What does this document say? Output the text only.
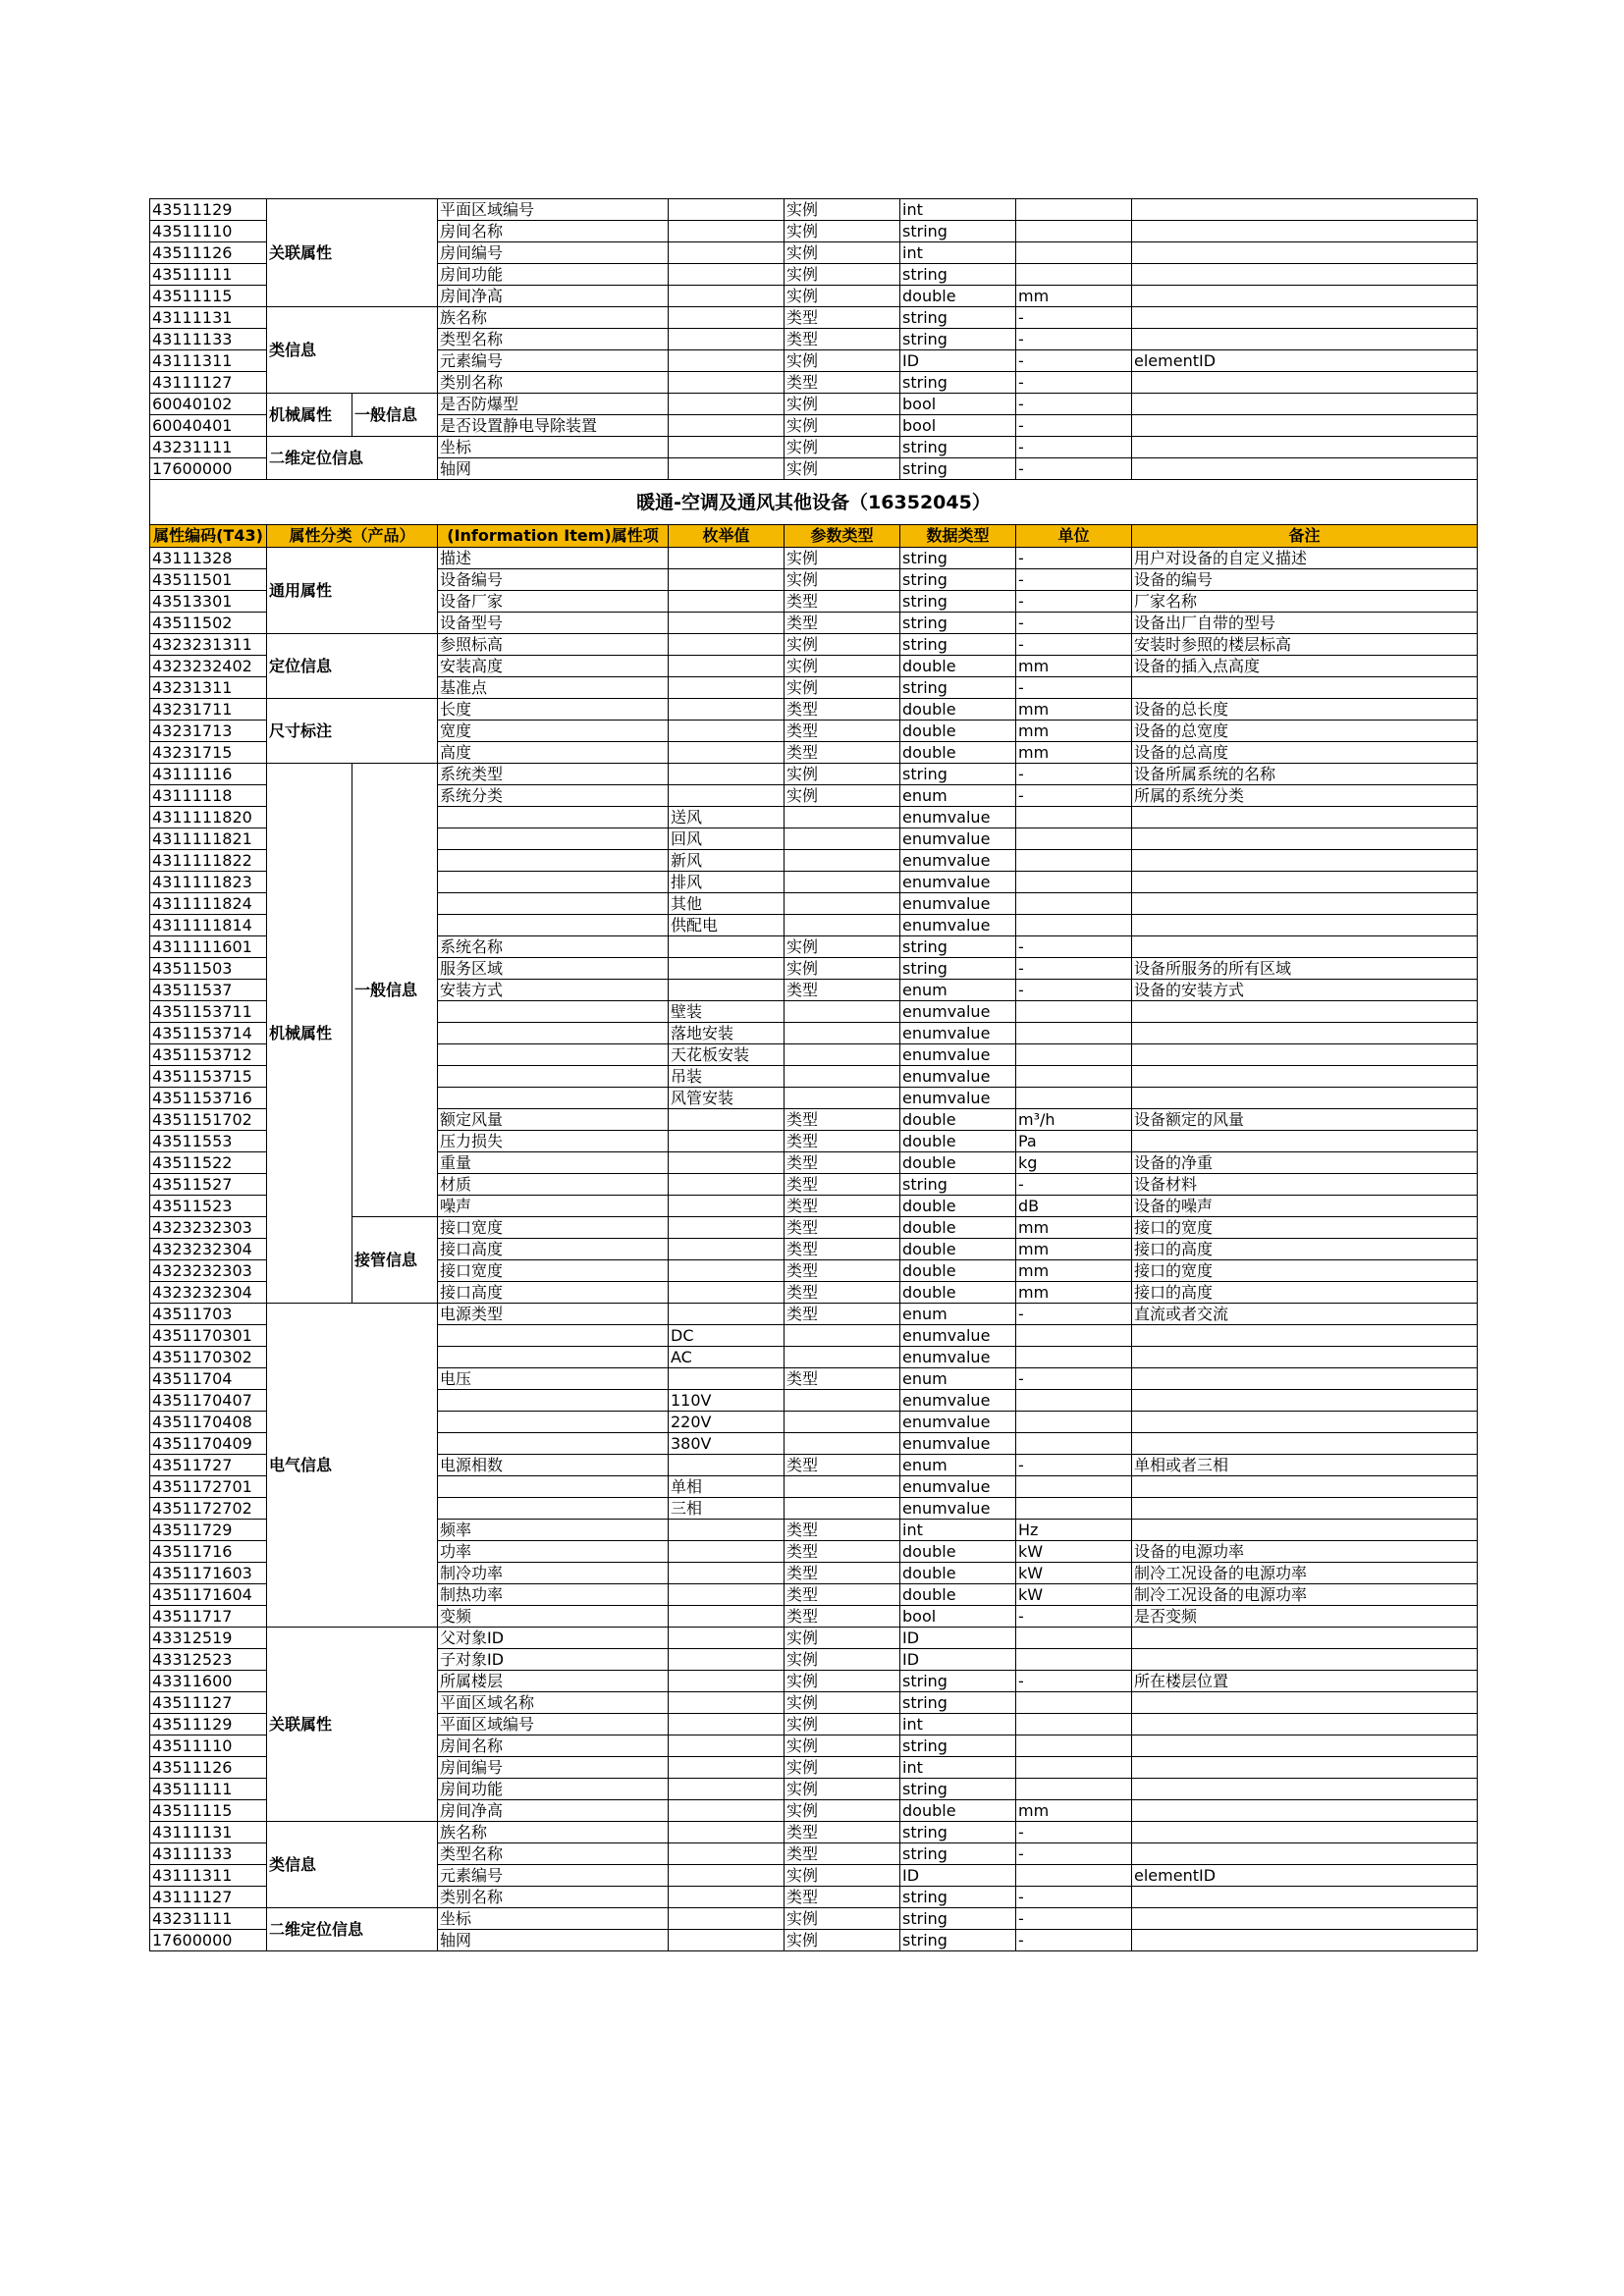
43511129	关联属性		平面区域编号		实例	int		
43511110			房间名称		实例	string		
43511126			房间编号		实例	int		
43511111			房间功能		实例	string		
43511115			房间净高		实例	double	mm	
43111131	类信息		族名称		类型	string	-	
43111133			类型名称		类型	string	-	
43111311			元素编号		实例	ID	-	elementID
43111127			类别名称		类型	string	-	
60040102	机械属性	一般信息	是否防爆型		实例	bool	-	
60040401			是否设置静电导除装置		实例	bool	-	
43231111	二维定位信息		坐标		实例	string	-	
17600000			轴网		实例	string	-	
暖通-空调及通风其他设备（16352045）								
属性编码(T43)	属性分类（产品）		(Information Item)属性项	枚举值	参数类型	数据类型	单位	备注
43111328	通用属性		描述		实例	string	-	用户对设备的自定义描述
43511501			设备编号		实例	string	-	设备的编号
43513301			设备厂家		类型	string	-	厂家名称
43511502			设备型号		类型	string	-	设备出厂自带的型号
4323231311	定位信息		参照标高		实例	string	-	安装时参照的楼层标高
4323232402			安装高度		实例	double	mm	设备的插入点高度
43231311			基准点		实例	string	-	
43231711	尺寸标注		长度		类型	double	mm	设备的总长度
43231713			宽度		类型	double	mm	设备的总宽度
43231715			高度		类型	double	mm	设备的总高度
43111116	机械属性	一般信息	系统类型		实例	string	-	设备所属系统的名称
43111118			系统分类		实例	enum	-	所属的系统分类
4311111820				送风		enumvalue		
4311111821				回风		enumvalue		
4311111822				新风		enumvalue		
4311111823				排风		enumvalue		
4311111824				其他		enumvalue		
4311111814				供配电		enumvalue		
4311111601			系统名称		实例	string	-	
43511503			服务区域		实例	string	-	设备所服务的所有区域
43511537			安装方式		类型	enum	-	设备的安装方式
4351153711				壁装		enumvalue		
4351153714				落地安装		enumvalue		
4351153712				天花板安装		enumvalue		
4351153715				吊装		enumvalue		
4351153716				风管安装		enumvalue		
4351151702			额定风量		类型	double	m³/h	设备额定的风量
43511553			压力损失		类型	double	Pa	
43511522			重量		类型	double	kg	设备的净重
43511527			材质		类型	string	-	设备材料
43511523			噪声		类型	double	dB	设备的噪声
4323232303		接管信息	接口宽度		类型	double	mm	接口的宽度
4323232304			接口高度		类型	double	mm	接口的高度
4323232303			接口宽度		类型	double	mm	接口的宽度
4323232304			接口高度		类型	double	mm	接口的高度
43511703	电气信息		电源类型		类型	enum	-	直流或者交流
4351170301				DC		enumvalue		
4351170302				AC		enumvalue		
43511704			电压		类型	enum	-	
4351170407				110V		enumvalue		
4351170408				220V		enumvalue		
4351170409				380V		enumvalue		
43511727			电源相数		类型	enum	-	单相或者三相
4351172701				单相		enumvalue		
4351172702				三相		enumvalue		
43511729			频率		类型	int	Hz	
43511716			功率		类型	double	kW	设备的电源功率
4351171603			制冷功率		类型	double	kW	制冷工况设备的电源功率
4351171604			制热功率		类型	double	kW	制冷工况设备的电源功率
43511717			变频		类型	bool	-	是否变频
43312519	关联属性		父对象ID		实例	ID		
43312523			子对象ID		实例	ID		
43311600			所属楼层		实例	string	-	所在楼层位置
43511127			平面区域名称		实例	string		
43511129			平面区域编号		实例	int		
43511110			房间名称		实例	string		
43511126			房间编号		实例	int		
43511111			房间功能		实例	string		
43511115			房间净高		实例	double	mm	
43111131	类信息		族名称		类型	string	-	
43111133			类型名称		类型	string	-	
43111311			元素编号		实例	ID		elementID
43111127			类别名称		类型	string	-	
43231111	二维定位信息		坐标		实例	string	-	
17600000			轴网		实例	string	-	
